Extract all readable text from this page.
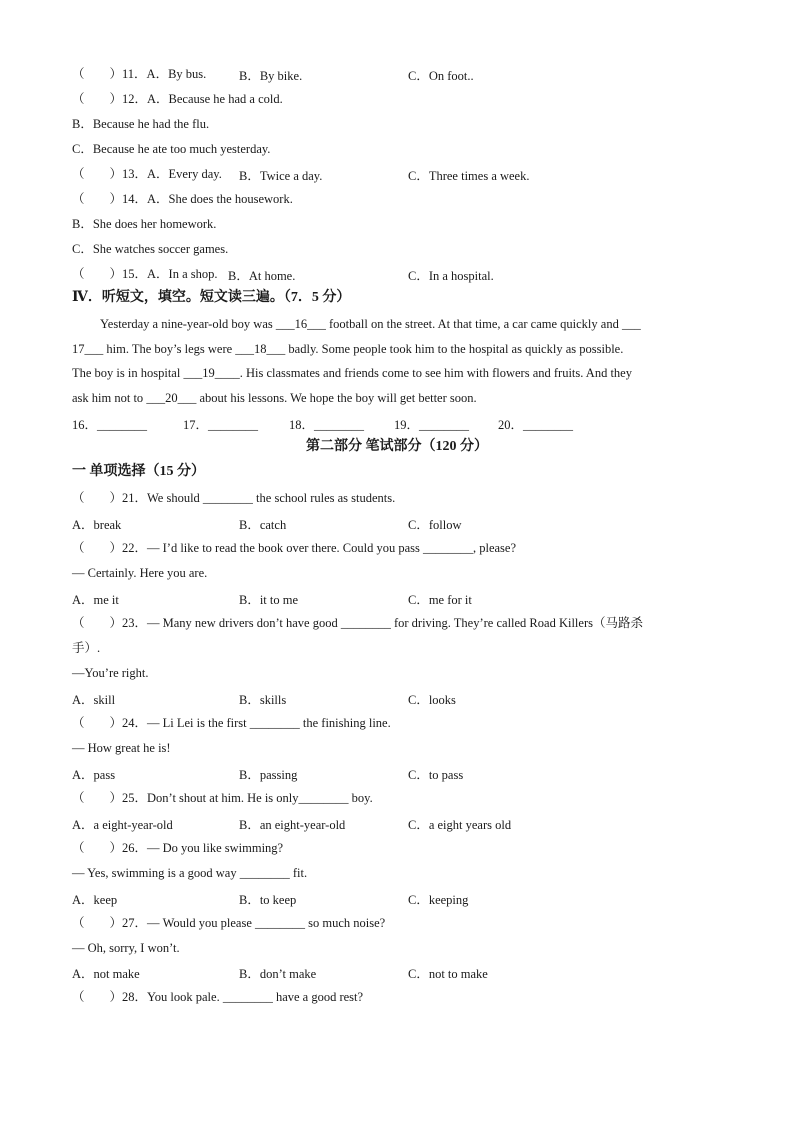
（　　）11．A．By bus.	B．By bike.	C．On foot..
（　　）12．A．Because he had a cold.
B．Because he had the flu.
C．Because he ate too much yesterday.
（　　）13．A．Every day. B．Twice a day.	C．Three times a week.
（　　）14．A．She does the housework.
B．She does her homework.
C．She watches soccer games.
（　　）15．A．In a shop. B．At home.	C．In a hospital.
Ⅳ．听短文，填空。短文读三遍。（7．5 分）
Yesterday a nine-year-old boy was ___16___ football on the street. At that time, a car came quickly and ___
17___ him. The boy’s legs were ___18___ badly. Some people took him to the hospital as quickly as possible.
The boy is in hospital ___19____. His classmates and friends come to see him with flowers and fruits. And they
ask him not to ___20___ about his lessons. We hope the boy will get better soon.
16．________	17．________ 18．________ 19．________ 20．________
第二部分 笔试部分（120 分）
一 单项选择（15 分）
（　　）21．We should ________ the school rules as students.
A．break	B．catch	C．follow
（　　）22．— I’d like to read the book over there. Could you pass ________, please?
— Certainly. Here you are.
A．me it	B．it to me	C．me for it
（　　）23．— Many new drivers don’t have good ________ for driving. They’re called Road Killers（马路杀
手）.
—You’re right.
A．skill	B．skills	C．looks
（　　）24．— Li Lei is the first ________ the finishing line.
— How great he is!
A．pass	B．passing	C．to pass
（　　）25．Don’t shout at him. He is only________ boy.
A．a eight-year-old	B．an eight-year-old	C．a eight years old
（　　）26．— Do you like swimming?
— Yes, swimming is a good way ________ fit.
A．keep	B．to keep	C．keeping
（　　）27．— Would you please ________ so much noise?
— Oh, sorry, I won’t.
A．not make	B．don’t make	C．not to make
（　　）28．You look pale. ________ have a good rest?
